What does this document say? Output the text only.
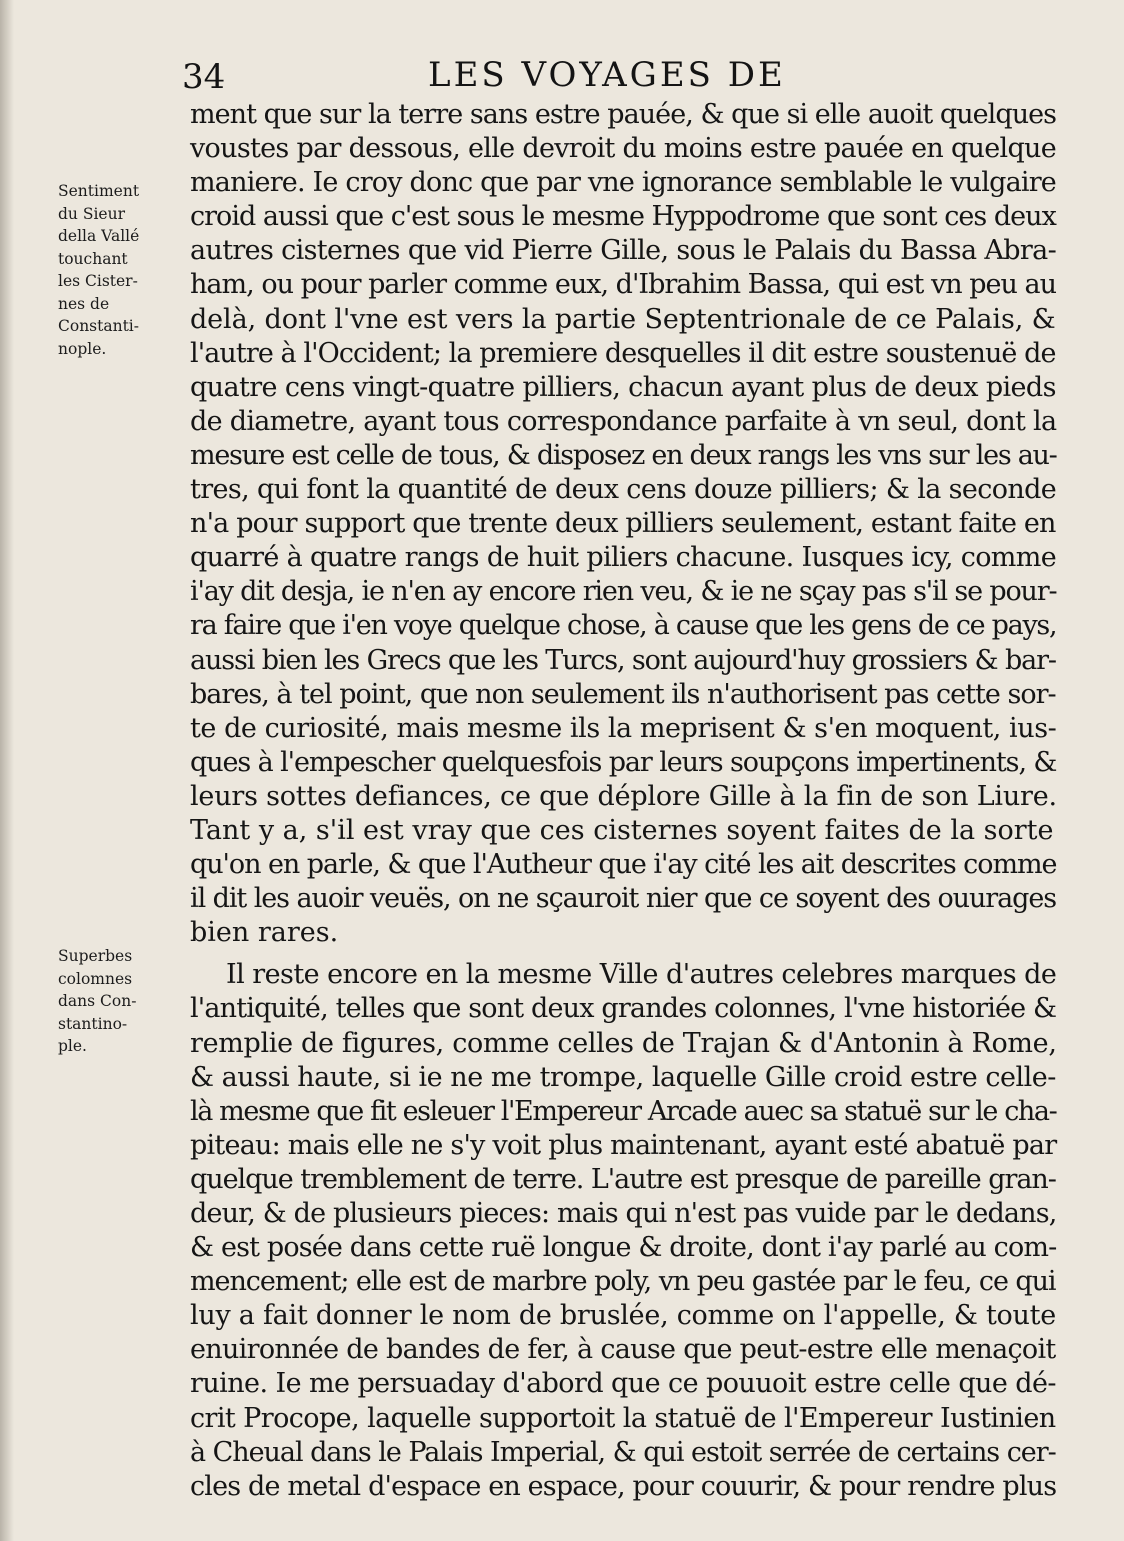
34	LES VOYAGES DE
Sentiment
du Sieur
della Vallé
touchant
les Cister-
nes de
Constanti-
nople.
Superbes
colomnes
dans Con-
stantino-
ple.
ment que sur la terre sans estre pauée, & que si elle auoit quelques
voustes par dessous, elle devroit du moins estre pauée en quelque
maniere. Ie croy donc que par vne ignorance semblable le vulgaire
croid aussi que c'est sous le mesme Hyppodrome que sont ces deux
autres cisternes que vid Pierre Gille, sous le Palais du Bassa Abra-
ham, ou pour parler comme eux, d'Ibrahim Bassa, qui est vn peu au
delà, dont l'vne est vers la partie Septentrionale de ce Palais, &
l'autre à l'Occident; la premiere desquelles il dit estre soustenuë de
quatre cens vingt-quatre pilliers, chacun ayant plus de deux pieds
de diametre, ayant tous correspondance parfaite à vn seul, dont la
mesure est celle de tous, & disposez en deux rangs les vns sur les au-
tres, qui font la quantité de deux cens douze pilliers; & la seconde
n'a pour support que trente deux pilliers seulement, estant faite en
quarré à quatre rangs de huit piliers chacune. Iusques icy, comme
i'ay dit desja, ie n'en ay encore rien veu, & ie ne sçay pas s'il se pour-
ra faire que i'en voye quelque chose, à cause que les gens de ce pays,
aussi bien les Grecs que les Turcs, sont aujourd'huy grossiers & bar-
bares, à tel point, que non seulement ils n'authorisent pas cette sor-
te de curiosité, mais mesme ils la meprisent & s'en moquent, ius-
ques à l'empescher quelquesfois par leurs soupçons impertinents, &
leurs sottes defiances, ce que déplore Gille à la fin de son Liure.
Tant y a, s'il est vray que ces cisternes soyent faites de la sorte
qu'on en parle, & que l'Autheur que i'ay cité les ait descrites comme
il dit les auoir veuës, on ne sçauroit nier que ce soyent des ouurages
bien rares.
Il reste encore en la mesme Ville d'autres celebres marques de
l'antiquité, telles que sont deux grandes colonnes, l'vne historiée &
remplie de figures, comme celles de Trajan & d'Antonin à Rome,
& aussi haute, si ie ne me trompe, laquelle Gille croid estre celle-
là mesme que fit esleuer l'Empereur Arcade auec sa statuë sur le cha-
piteau: mais elle ne s'y voit plus maintenant, ayant esté abatuë par
quelque tremblement de terre. L'autre est presque de pareille gran-
deur, & de plusieurs pieces: mais qui n'est pas vuide par le dedans,
& est posée dans cette ruë longue & droite, dont i'ay parlé au com-
mencement; elle est de marbre poly, vn peu gastée par le feu, ce qui
luy a fait donner le nom de bruslée, comme on l'appelle, & toute
enuironnée de bandes de fer, à cause que peut-estre elle menaçoit
ruine. Ie me persuaday d'abord que ce pouuoit estre celle que dé-
crit Procope, laquelle supportoit la statuë de l'Empereur Iustinien
à Cheual dans le Palais Imperial, & qui estoit serrée de certains cer-
cles de metal d'espace en espace, pour couurir, & pour rendre plus
